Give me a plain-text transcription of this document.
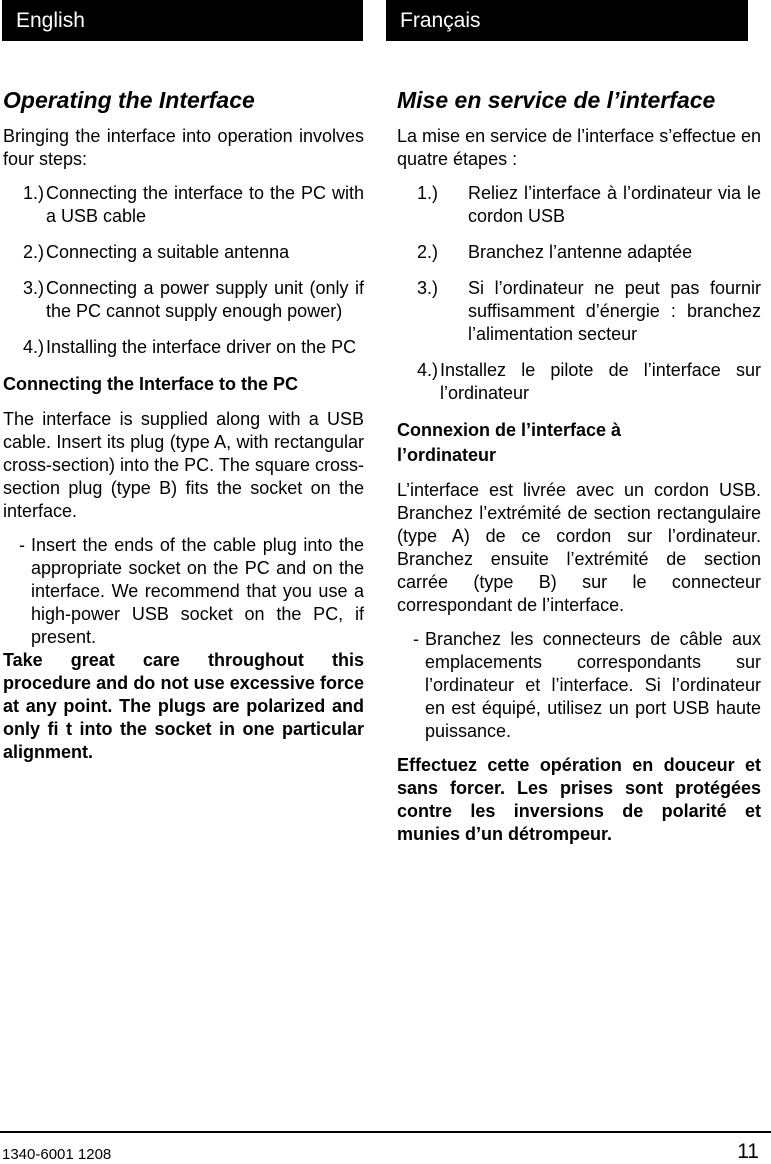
English	Français
Operating the Interface

Bringing the interface into operation involves four steps:

1.) Connecting the interface to the PC with a USB cable
2.) Connecting a suitable antenna
3.) Connecting a power supply unit (only if the PC cannot supply enough power)
4.) Installing the interface driver on the PC
Connecting the Interface to the PC

The interface is supplied along with a USB cable. Insert its plug (type A, with rectangular cross-section) into the PC. The square cross-section plug (type B) fits the socket on the interface.

- Insert the ends of the cable plug into the appropriate socket on the PC and on the interface. We recommend that you use a high-power USB socket on the PC, if present.

Take great care throughout this procedure and do not use excessive force at any point. The plugs are polarized and only fi t into the socket in one particular alignment.

Mise en service de l’interface

La mise en service de l’interface s’effectue en quatre étapes :

1.)	Reliez l’interface à l’ordinateur via le cordon USB
2.)	Branchez l’antenne adaptée
3.)	Si l’ordinateur ne peut pas fournir suffisamment d’énergie : branchez l’alimentation secteur
4.) Installez le pilote de l’interface sur l’ordinateur
Connexion de l’interface à l’ordinateur

L’interface est livrée avec un cordon USB. Branchez l’extrémité de section rectangulaire (type A) de ce cordon sur l’ordinateur. Branchez ensuite l’extrémité de section carrée (type B) sur le connecteur correspondant de l’interface.

- Branchez les connecteurs de câble aux emplacements correspondants sur l’ordinateur et l’interface. Si l’ordinateur en est équipé, utilisez un port USB haute puissance.

Effectuez cette opération en douceur et sans forcer. Les prises sont protégées contre les inversions de polarité et munies d’un détrompeur.

1340-6001 1208	11
